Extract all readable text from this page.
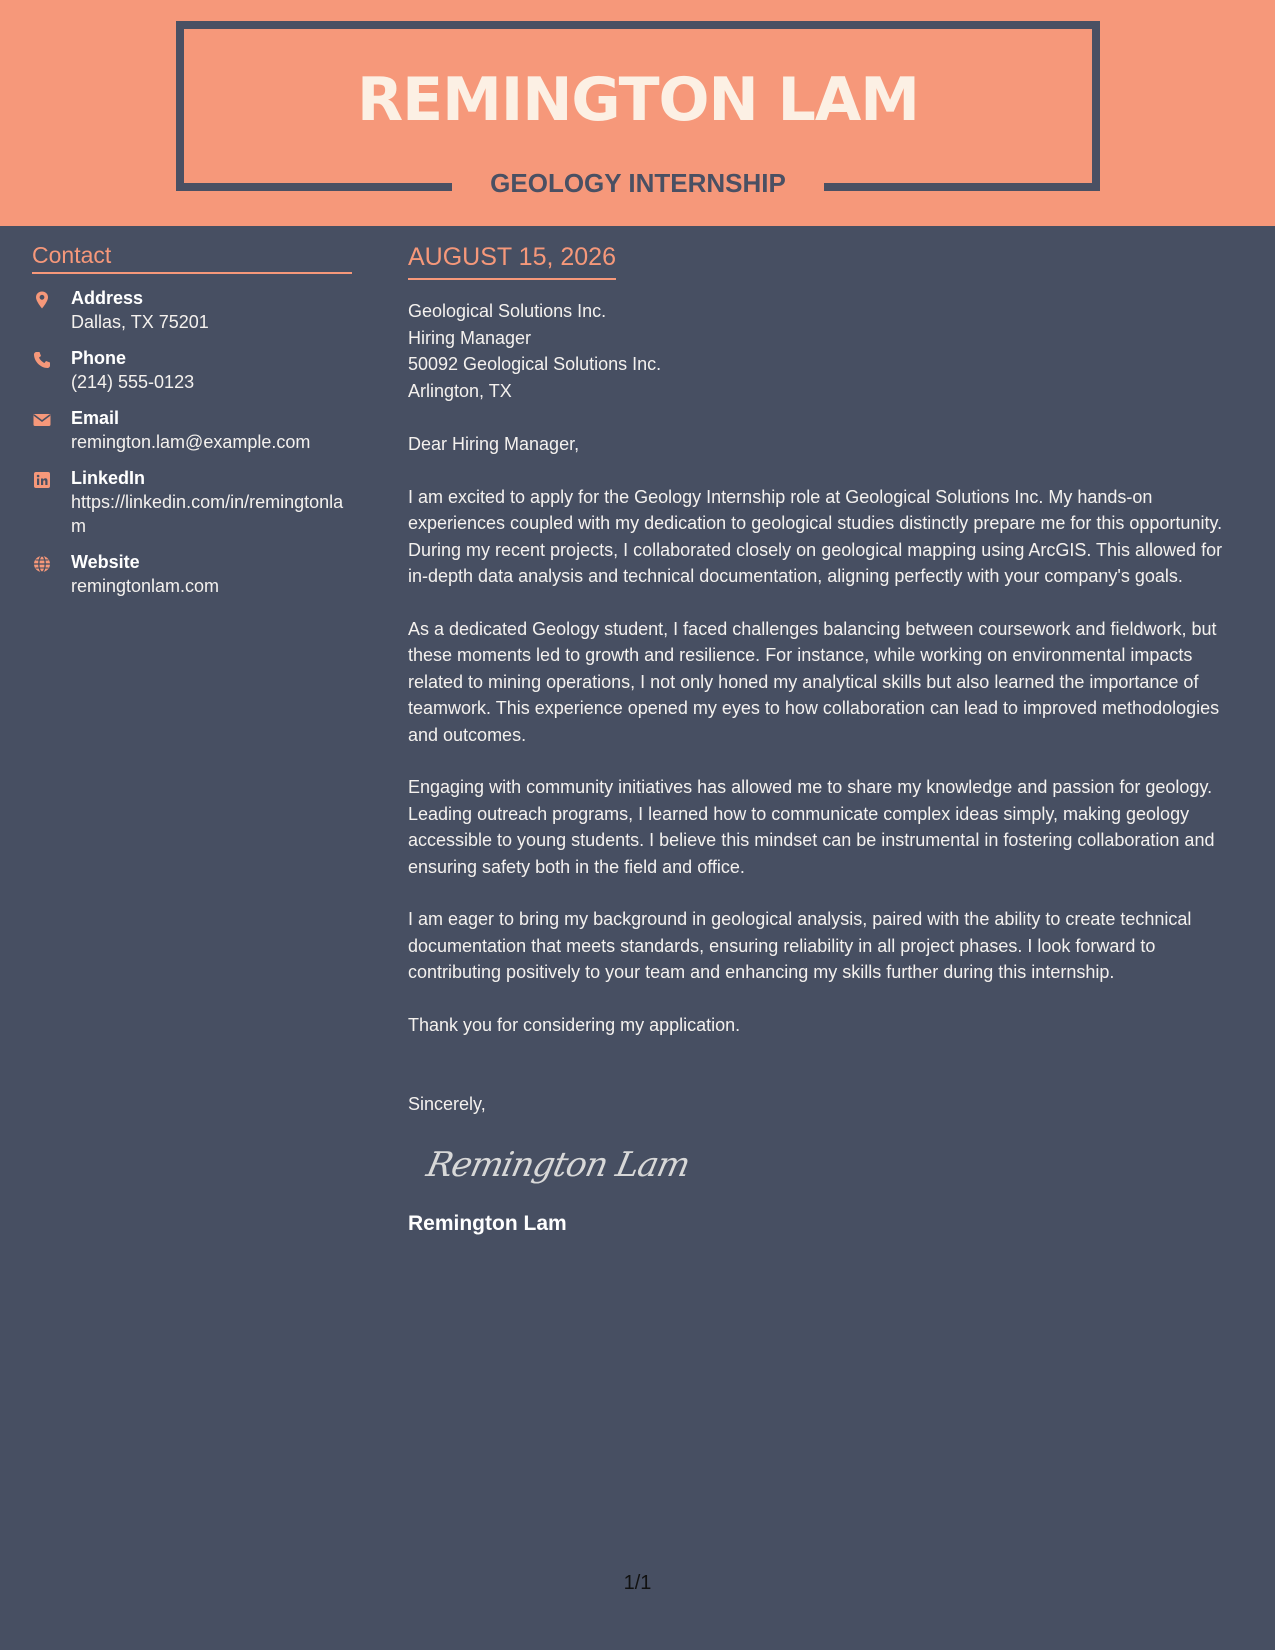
REMINGTON LAM
GEOLOGY INTERNSHIP
Contact
Address
Dallas, TX 75201
Phone
(214) 555-0123
Email
remington.lam@example.com
LinkedIn
https://linkedin.com/in/remingtonlam
Website
remingtonlam.com
AUGUST 15, 2026
Geological Solutions Inc.
Hiring Manager
50092 Geological Solutions Inc.
Arlington, TX
Dear Hiring Manager,
I am excited to apply for the Geology Internship role at Geological Solutions Inc. My hands-on experiences coupled with my dedication to geological studies distinctly prepare me for this opportunity. During my recent projects, I collaborated closely on geological mapping using ArcGIS. This allowed for in-depth data analysis and technical documentation, aligning perfectly with your company's goals.
As a dedicated Geology student, I faced challenges balancing between coursework and fieldwork, but these moments led to growth and resilience. For instance, while working on environmental impacts related to mining operations, I not only honed my analytical skills but also learned the importance of teamwork. This experience opened my eyes to how collaboration can lead to improved methodologies and outcomes.
Engaging with community initiatives has allowed me to share my knowledge and passion for geology. Leading outreach programs, I learned how to communicate complex ideas simply, making geology accessible to young students. I believe this mindset can be instrumental in fostering collaboration and ensuring safety both in the field and office.
I am eager to bring my background in geological analysis, paired with the ability to create technical documentation that meets standards, ensuring reliability in all project phases. I look forward to contributing positively to your team and enhancing my skills further during this internship.
Thank you for considering my application.
Sincerely,
Remington Lam
Remington Lam
1/1
